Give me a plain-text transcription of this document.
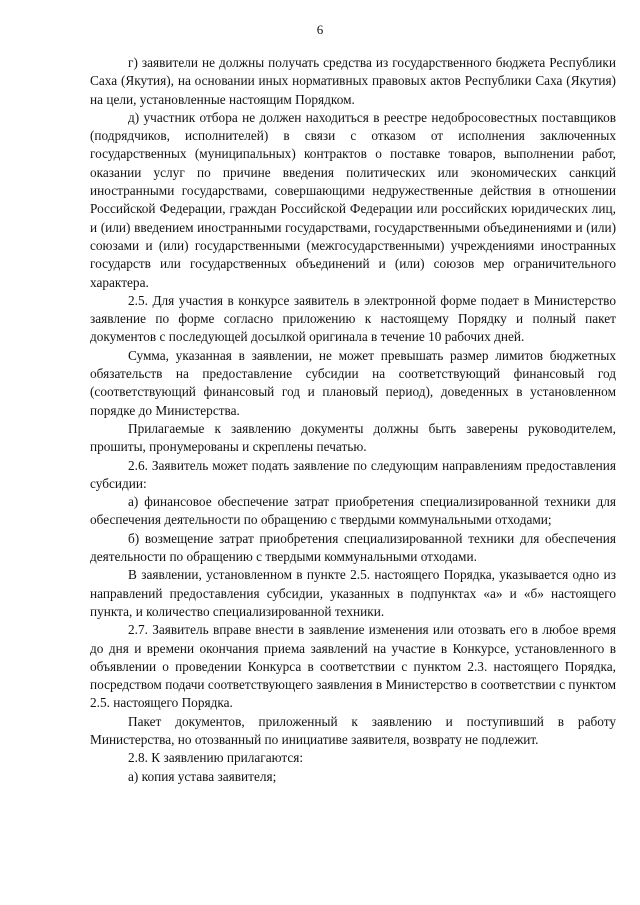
6

г) заявители не должны получать средства из государственного бюджета Республики Саха (Якутия), на основании иных нормативных правовых актов Республики Саха (Якутия) на цели, установленные настоящим Порядком.

д) участник отбора не должен находиться в реестре недобросовестных поставщиков (подрядчиков, исполнителей) в связи с отказом от исполнения заключенных государственных (муниципальных) контрактов о поставке товаров, выполнении работ, оказании услуг по причине введения политических или экономических санкций иностранными государствами, совершающими недружественные действия в отношении Российской Федерации, граждан Российской Федерации или российских юридических лиц, и (или) введением иностранными государствами, государственными объединениями и (или) союзами и (или) государственными (межгосударственными) учреждениями иностранных государств или государственных объединений и (или) союзов мер ограничительного характера.

2.5. Для участия в конкурсе заявитель в электронной форме подает в Министерство заявление по форме согласно приложению к настоящему Порядку и полный пакет документов с последующей досылкой оригинала в течение 10 рабочих дней.

Сумма, указанная в заявлении, не может превышать размер лимитов бюджетных обязательств на предоставление субсидии на соответствующий финансовый год (соответствующий финансовый год и плановый период), доведенных в установленном порядке до Министерства.

Прилагаемые к заявлению документы должны быть заверены руководителем, прошиты, пронумерованы и скреплены печатью.

2.6. Заявитель может подать заявление по следующим направлениям предоставления субсидии:

а) финансовое обеспечение затрат приобретения специализированной техники для обеспечения деятельности по обращению с твердыми коммунальными отходами;

б) возмещение затрат приобретения специализированной техники для обеспечения деятельности по обращению с твердыми коммунальными отходами.

В заявлении, установленном в пункте 2.5. настоящего Порядка, указывается одно из направлений предоставления субсидии, указанных в подпунктах «а» и «б» настоящего пункта, и количество специализированной техники.

2.7. Заявитель вправе внести в заявление изменения или отозвать его в любое время до дня и времени окончания приема заявлений на участие в Конкурсе, установленного в объявлении о проведении Конкурса в соответствии с пунктом 2.3. настоящего Порядка, посредством подачи соответствующего заявления в Министерство в соответствии с пунктом 2.5. настоящего Порядка.

Пакет документов, приложенный к заявлению и поступивший в работу Министерства, но отозванный по инициативе заявителя, возврату не подлежит.

2.8. К заявлению прилагаются:

а) копия устава заявителя;
